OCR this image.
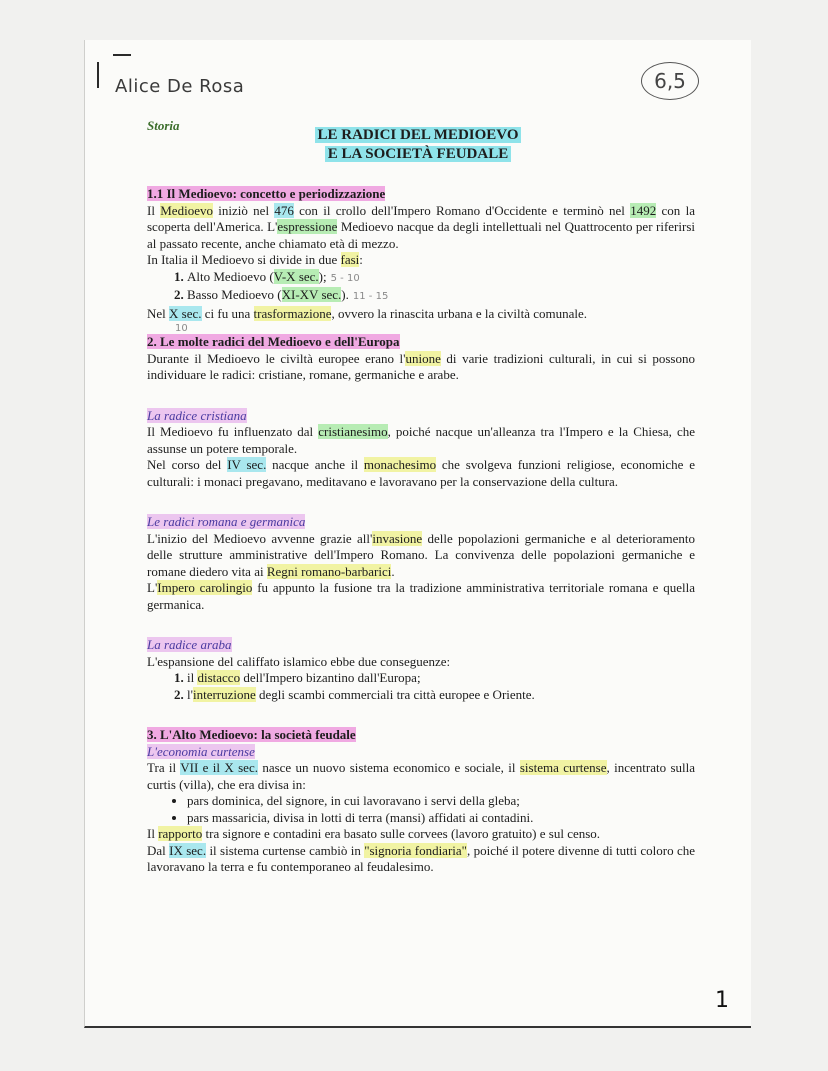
Alice De Rosa	6,5
Storia
LE RADICI DEL MEDIOEVO
E LA SOCIETÀ FEUDALE

1.1 Il Medioevo: concetto e periodizzazione

Il Medioevo iniziò nel 476 con il crollo dell'Impero Romano d'Occidente e terminò nel 1492 con la scoperta dell'America. L'espressione Medioevo nacque da degli intellettuali nel Quattrocento per riferirsi al passato recente, anche chiamato età di mezzo.

In Italia il Medioevo si divide in due fasi:

1. Alto Medioevo (V-X sec.); 5 - 10
2. Basso Medioevo (XI-XV sec.). 11 - 15

Nel X sec. ci fu una trasformazione, ovvero la rinascita urbana e la civiltà comunale.

10

2. Le molte radici del Medioevo e dell'Europa

Durante il Medioevo le civiltà europee erano l'unione di varie tradizioni culturali, in cui si possono individuare le radici: cristiane, romane, germaniche e arabe.

La radice cristiana

Il Medioevo fu influenzato dal cristianesimo, poiché nacque un'alleanza tra l'Impero e la Chiesa, che assunse un potere temporale.

Nel corso del IV sec. nacque anche il monachesimo che svolgeva funzioni religiose, economiche e culturali: i monaci pregavano, meditavano e lavoravano per la conservazione della cultura.

Le radici romana e germanica

L'inizio del Medioevo avvenne grazie all'invasione delle popolazioni germaniche e al deterioramento delle strutture amministrative dell'Impero Romano. La convivenza delle popolazioni germaniche e romane diedero vita ai Regni romano-barbarici.

L'Impero carolingio fu appunto la fusione tra la tradizione amministrativa territoriale romana e quella germanica.

La radice araba

L'espansione del califfato islamico ebbe due conseguenze:

1. il distacco dell'Impero bizantino dall'Europa;
2. l'interruzione degli scambi commerciali tra città europee e Oriente.

3. L'Alto Medioevo: la società feudale

L'economia curtense

Tra il VII e il X sec. nasce un nuovo sistema economico e sociale, il sistema curtense, incentrato sulla curtis (villa), che era divisa in:

• pars dominica, del signore, in cui lavoravano i servi della gleba;
• pars massaricia, divisa in lotti di terra (mansi) affidati ai contadini.

Il rapporto tra signore e contadini era basato sulle corvees (lavoro gratuito) e sul censo.

Dal IX sec. il sistema curtense cambiò in "signoria fondiaria", poiché il potere divenne di tutti coloro che lavoravano la terra e fu contemporaneo al feudalesimo.

1
